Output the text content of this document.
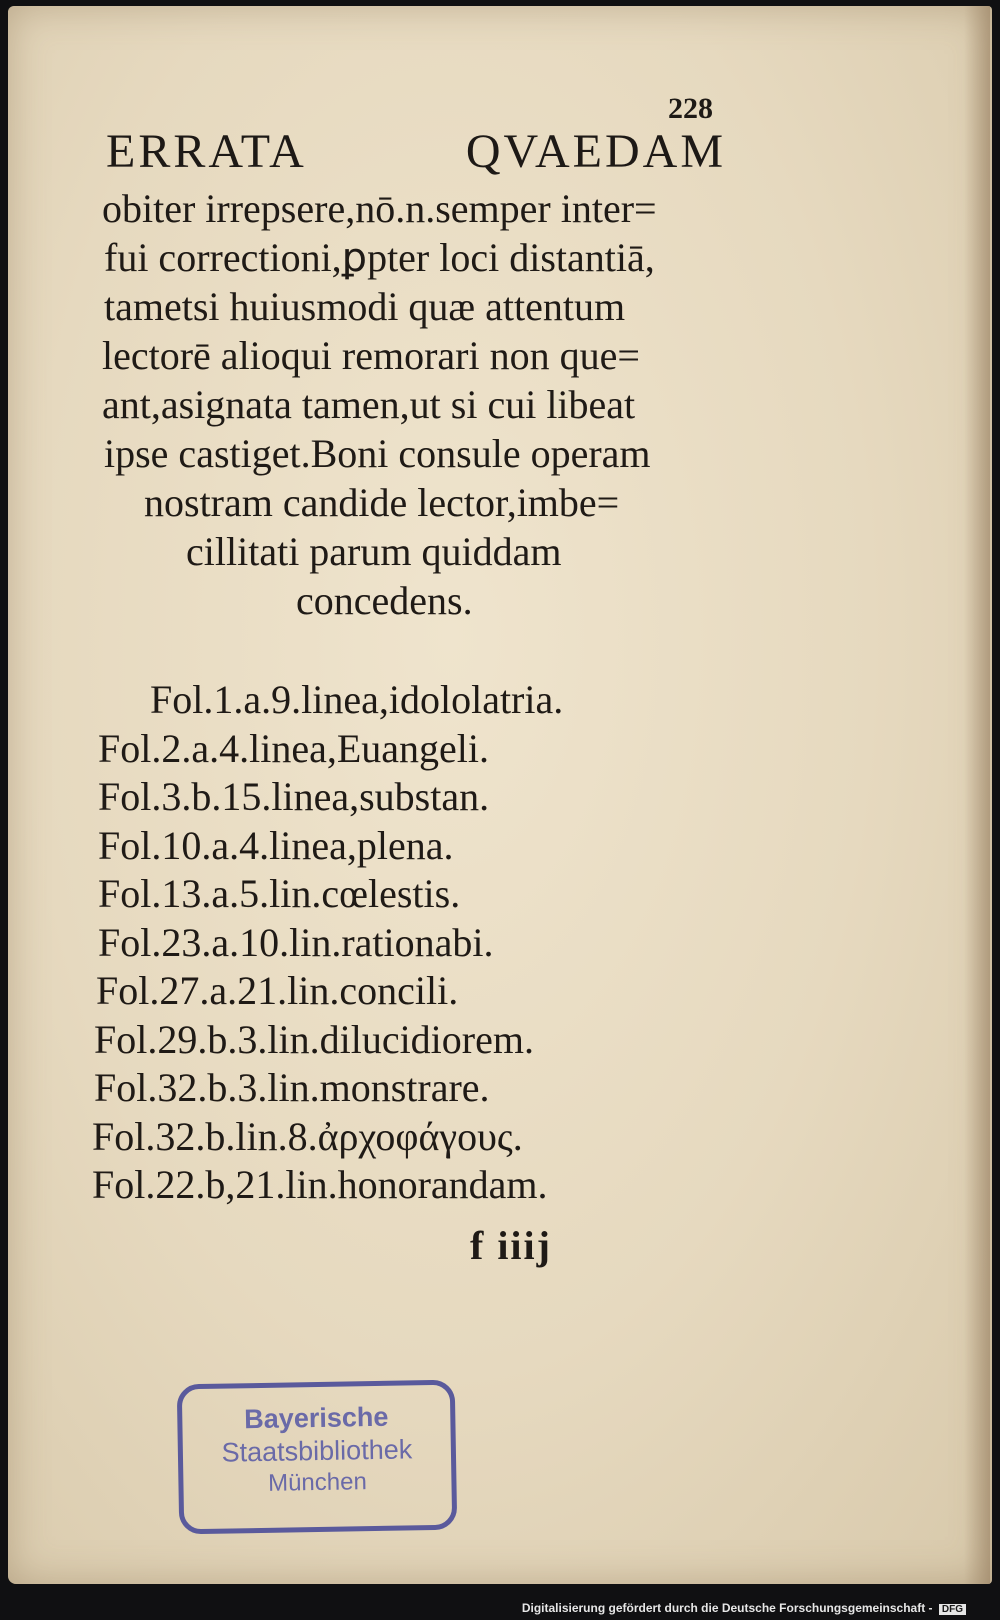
228
ERRATA	QVAEDAM
obiter irrepsere,nō.n.semper inter=
fui correctioni,ꝑpter loci distantiā,
tametsi huiusmodi quæ attentum
lectorē alioqui remorari non que=
ant,asignata tamen,ut si cui libeat
ipse castiget.Boni consule operam
nostram candide lector,imbe=
cillitati parum quiddam
concedens.
Fol.1.a.9.linea,idololatria.
Fol.2.a.4.linea,Euangeli.
Fol.3.b.15.linea,substan.
Fol.10.a.4.linea,plena.
Fol.13.a.5.lin.cœlestis.
Fol.23.a.10.lin.rationabi.
Fol.27.a.21.lin.concili.
Fol.29.b.3.lin.dilucidiorem.
Fol.32.b.3.lin.monstrare.
Fol.32.b.lin.8.ἀρχοφάγους.
Fol.22.b,21.lin.honorandam.
f iiij
Bayerische
Staatsbibliothek
München
Digitalisierung gefördert durch die Deutsche Forschungsgemeinschaft - DFG
